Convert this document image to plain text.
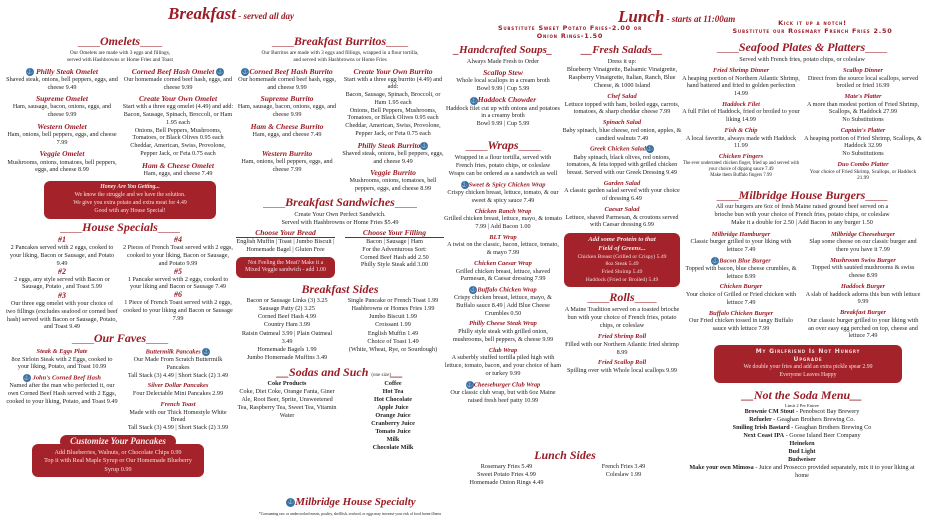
Breakfast - served all day	Lunch - starts at 11:00am
Substitute Sweet Potato Fries-2.00 or
Onion Rings-1.50
Kick it up a notch!
Substitute our Rosemary French Fries 2.50
____ Omelets ____
Our Omelets are made with 3 eggs and fillings,
served with Hashbrowns or Home Fries and Toast
⚓ Philly Steak Omelet
Shaved steak, onions, bell peppers, eggs, and cheese 9.49
Supreme Omelet
Ham, sausage, bacon, onions, eggs, and cheese 9.99
Western Omelet
Ham, onions, bell peppers, eggs, and cheese 7.99
Veggie Omelet
Mushrooms, onions, tomatoes, bell peppers, eggs, and cheese 8.99
Corned Beef Hash Omelet ⚓
Our homemade corned beef hash, eggs, and cheese 9.99
Create Your Own Omelet
Start with a three egg omelet (4.49) and add:
Bacon, Sausage, Spinach, Broccoli, or Ham 1.95 each
Onions, Bell Peppers, Mushrooms, Tomatoes, or Black Olives 0.95 each
Cheddar, American, Swiss, Provolone, Pepper Jack, or Feta 0.75 each
Ham & Cheese Omelet
Ham, eggs, and cheese 7.49
Honey Are You Getting...
We know the struggle and we have the solution.
We give you extra potato and extra meat for 4.49
Good with any House Special!
____ House Specials ____
#1
2 Pancakes served with 2 eggs, cooked to your liking, Bacon or Sausage, and Potato 9.49
#2
2 eggs, any style served with Bacon or Sausage, Potato , and Toast 5.99
#3
Our three egg omelet with your choice of two fillings (excludes seafood or corned beef hash) served with Bacon or Sausage, Potato, and Toast 9.49
#4
2 Pieces of French Toast served with 2 eggs, cooked to your liking, Bacon or Sausage, and Potato 9.99
#5
1 Pancake served with 2 eggs, cooked to your liking and Bacon or Sausage 7.49
#6
1 Piece of French Toast served with 2 eggs, cooked to your liking and Bacon or Sausage 7.99
____ Our Faves ____
Steak & Eggs Plate
8oz Sirloin Steak with 2 Eggs, cooked to your liking, Potato, and Toast 10.99
⚓ John's Corned Beef Hash
Named after the man who perfected it, our own Corned Beef Hash served with 2 Eggs, cooked to your liking, Potato, and Toast 9.49
Buttermilk Pancakes ⚓
Our Made From Scratch Buttermilk Pancakes
Tall Stack (3) 4.49 | Short Stack (2) 3.49
Silver Dollar Pancakes
Four Delectable Mini Pancakes 2.99
French Toast
Made with our Thick Homestyle White Bread
Tall Stack (3) 4.99 | Short Stack (2) 3.99
Customize Your Pancakes
Add Blueberries, Walnuts, or Chocolate Chips 0.99
Top it with Real Maple Syrup or Our Homemade Blueberry Syrup 0.99
____ Breakfast Burritos ____
Our Burritos are made with 3 eggs and fillings, wrapped in a flour tortilla,
and served with Hashbrowns or Home Fries
⚓Corned Beef Hash Burrito
Our homemade corned beef hash, eggs, and cheese 9.99
Supreme Burrito
Ham, sausage, bacon, onions, eggs, and cheese 9.99
Ham & Cheese Burrito
Ham, eggs, and cheese 7.49
Western Burrito
Ham, onions, bell peppers, eggs, and cheese 7.99
Create Your Own Burrito
Start with a three egg burrito (4.49) and add:
Bacon, Sausage, Spinach, Broccoli, or Ham 1.95 each
Onions, Bell Peppers, Mushrooms, Tomatoes, or Black Olives 0.95 each
Cheddar, American, Swiss, Provolone, Pepper Jack, or Feta 0.75 each
Philly Steak Burrito⚓
Shaved steak, onions, bell peppers, eggs, and cheese 9.49
Veggie Burrito
Mushrooms, onions, tomatoes, bell peppers, eggs, and cheese 8.99
____ Breakfast Sandwiches ____
Create Your Own Perfect Sandwich.
Served with Hashbrowns or Home Fries $5.49
Choose Your Bread
English Muffin | Toast | Jumbo Biscuit | Homemade Bagel | Gluten Free
Not Feeling the Meat? Make it a Mixed Veggie sandwich - add 1.00
Choose Your Filling
Bacon | Sausage | Ham
For the Adventurous Sort:
Corned Beef Hash add 2.50
Philly Style Steak add 3.00
Breakfast Sides
Bacon or Sausage Links (3) 3.25
Sausage Patty (2) 3.25
Corned Beef Hash 4.99
Country Ham 3.99
Raisin Oatmeal 3.99 | Plain Oatmeal 3.49
Homemade Bagels 1.99
Jumbo Homemade Muffins 3.49
Single Pancake or French Toast 1.99
Hashbrowns or Homes Fries 1.99
Jumbo Biscuit 1.99
Croissant 1.99
English Muffin 1.49
Choice of Toast 1.49
(White, Wheat, Rye, or Sourdough)
__Sodas and Such (one size)__
Coke Products
Coke, Diet Coke, Orange Fanta, Giner Ale, Root Beer, Sprite, Unsweetened Tea, Raspberry Tea, Sweet Tea, Vitamin Water
Coffee
Hot Tea
Hot Chocolate
Apple Juice
Orange Juice
Cranberry Juice
Tomato Juice
Milk
Chocolate Milk
⚓Milbridge House Specialty
*Consuming raw or undercooked meats, poultry, shellfish, seafood, or eggs may increase your risk of food borne illness
_Handcrafted Soups_
Always Made Fresh to Order
Scallop Stew
Whole local scallops in a cream broth
Bowl 9.99 | Cup 5.99
⚓Haddock Chowder
Haddock filet cut up with onions and potatoes in a creamy broth
Bowl 9.99 | Cup 5.99
____ Wraps ____
Wrapped in a flour tortilla, served with
French fries, potato chips, or coleslaw
Wraps can be ordered as a sandwich as well
⚓Sweet & Spicy Chicken Wrap
Crispy chicken breast, lettuce, tomato, & our sweet & spicy sauce 7.49
Chicken Ranch Wrap
Grilled chicken breast, lettuce, mayo, & tomato 7.99 | Add Bacon 1.00
BLT Wrap
A twist on the classic, bacon, lettuce, tomato, & mayo 7.99
Chicken Caesar Wrap
Grilled chicken breast, lettuce, shaved Parmesan, & Caesar dressing 7.99
⚓Buffalo Chicken Wrap
Crispy chicken breast, lettuce, mayo, & Buffalo sauce 8.49 | Add Blue Cheese Crumbles 0.50
Philly Cheese Steak Wrap
Philly style steak with grilled onion, mushrooms, bell peppers, & cheese 9.99
Club Wrap
A suberbly stuffed tortilla piled high with lettuce, tomato, bacon, and your choice of ham or turkey 9.99
⚓Cheeseburger Club Wrap
Our classic club wrap, but with 6oz Maine raised fresh beef patty 10.99
__Fresh Salads__
Dress it up:
Blueberry Vinaigrette, Balsamic Vinaigrette, Raspberry Vinaigrette, Italian, Ranch, Blue Cheese, & 1000 Island
Chef Salad
Lettuce topped with ham, boiled eggs, carrots, tomatoes, & sharp cheddar cheese 7.99
Spinach Salad
Baby spinach, blue cheese, red onion, apples, & candied walnuts 7.49
Greek Chicken Salad⚓
Baby spinach, black olives, red onions, tomatoes, & feta topped with grilled chicken breast. Served with our Greek Dressing 9.49
Garden Salad
A classic garden salad served with your choice of dressing 6.49
Caesar Salad
Lettuce, shaved Parmesan, & croutons served with Caesar dressing 6.99
Add some Protein to that
Field of Greens...
Chicken Breast (Grilled or Crispy) 5.49
8oz Steak 5.49
Fried Shrimp 5.49
Haddock (Fried or Broiled) 5.49
____ Rolls ____
A Maine Tradition served on a toasted brioche bun with your choice of French fries, potato chips, or coleslaw
Fried Shrimp Roll
Filled with our Northern Atlantic fried shrimp 8.99
Fried Scallop Roll
Spilling over with Whole local scallops 9.99
Lunch Sides
Rosemary Fries 5.49
Sweet Potato Fries 4.99
Homemade Onion Rings 4.49
French Fries 3.49
Coleslaw 1.99
____ Seafood Plates & Platters ____
Served with French fries, potato chips, or coleslaw
Fried Shrimp Dinner
A heaping portion of Northern Atlantic Shrimp, hand battered and fried to golden perfection 14.99
Haddock Filet
A full Filet of Haddock, fried or broiled to your liking 14.99
Fish & Chip
A local favorite, always made with Haddock 11.99
Chicken Fingers
The ever underrated chicken finger, fried up and served with your choice of dipping sauce 7.49
Make them Buffalo fingers 7.99
Scallop Dinner
Direct from the source local scallops, served broiled or fried 16.99
Mate's Platter
A more than modest portion of Fried Shrimp, Scallops, & Haddock 27.99
No Substitutions
Captain's Platter
A heaping portion of Fried Shrimp, Scallops, & Haddock 32.99
No Substitutions
Duo Combo Platter
Your choice of Fried Shrimp, Scallops, or Haddock 21.99
____ Milbridge House Burgers ____
All our burgers are 6oz of fresh Maine raised ground beef served on a
brioche bun with your choice of French fries, potato chips, or coleslaw
Make it a double for 2.50 | Add Bacon to any burger 1.50
Milbridge Hamburger
Classic burger grilled to your liking with lettuce 7.49
⚓Bacon Blue Burger
Topped with bacon, blue cheese crumbles, & lettuce 8.99
Chicken Burger
Your choice of Grilled or Fried chicken with lettuce 7.49
Buffalo Chicken Burger
Our Fried chicken tossed in tangy Buffalo sauce with lettuce 7.99
Milbridge Cheeseburger
Slap some cheese on our classic burger and there you have it 7.99
Mushroom Swiss Burger
Topped with sautéed mushrooms & swiss cheese 8.99
Haddock Burger
A slab of haddock adorns this bun with lettuce 9.99
Breakfast Burger
Our classic burger grilled to your liking with an over easy egg perched on top, cheese and lettuce 7.49
My Girlfriend Is Not Hungry
Upgrade
We double your fries and add an extra pickle spear 2.99
Everyone Leaves Happy
__Not the Soda Menu__
Limit 2 Per Entree
Brownie CM Stout - Penobscot Bay Brewery
Refueler - Geaghan Brothers Brewing Co.
Smiling Irish Bastard - Geaghan Brothers Brewing Co
Next Coast IPA - Goose Island Beer Company
Heineken
Bud Light
Budweiser
Make your own Mimosa - Juice and Prosecco provided separately, mix it to your liking at home
